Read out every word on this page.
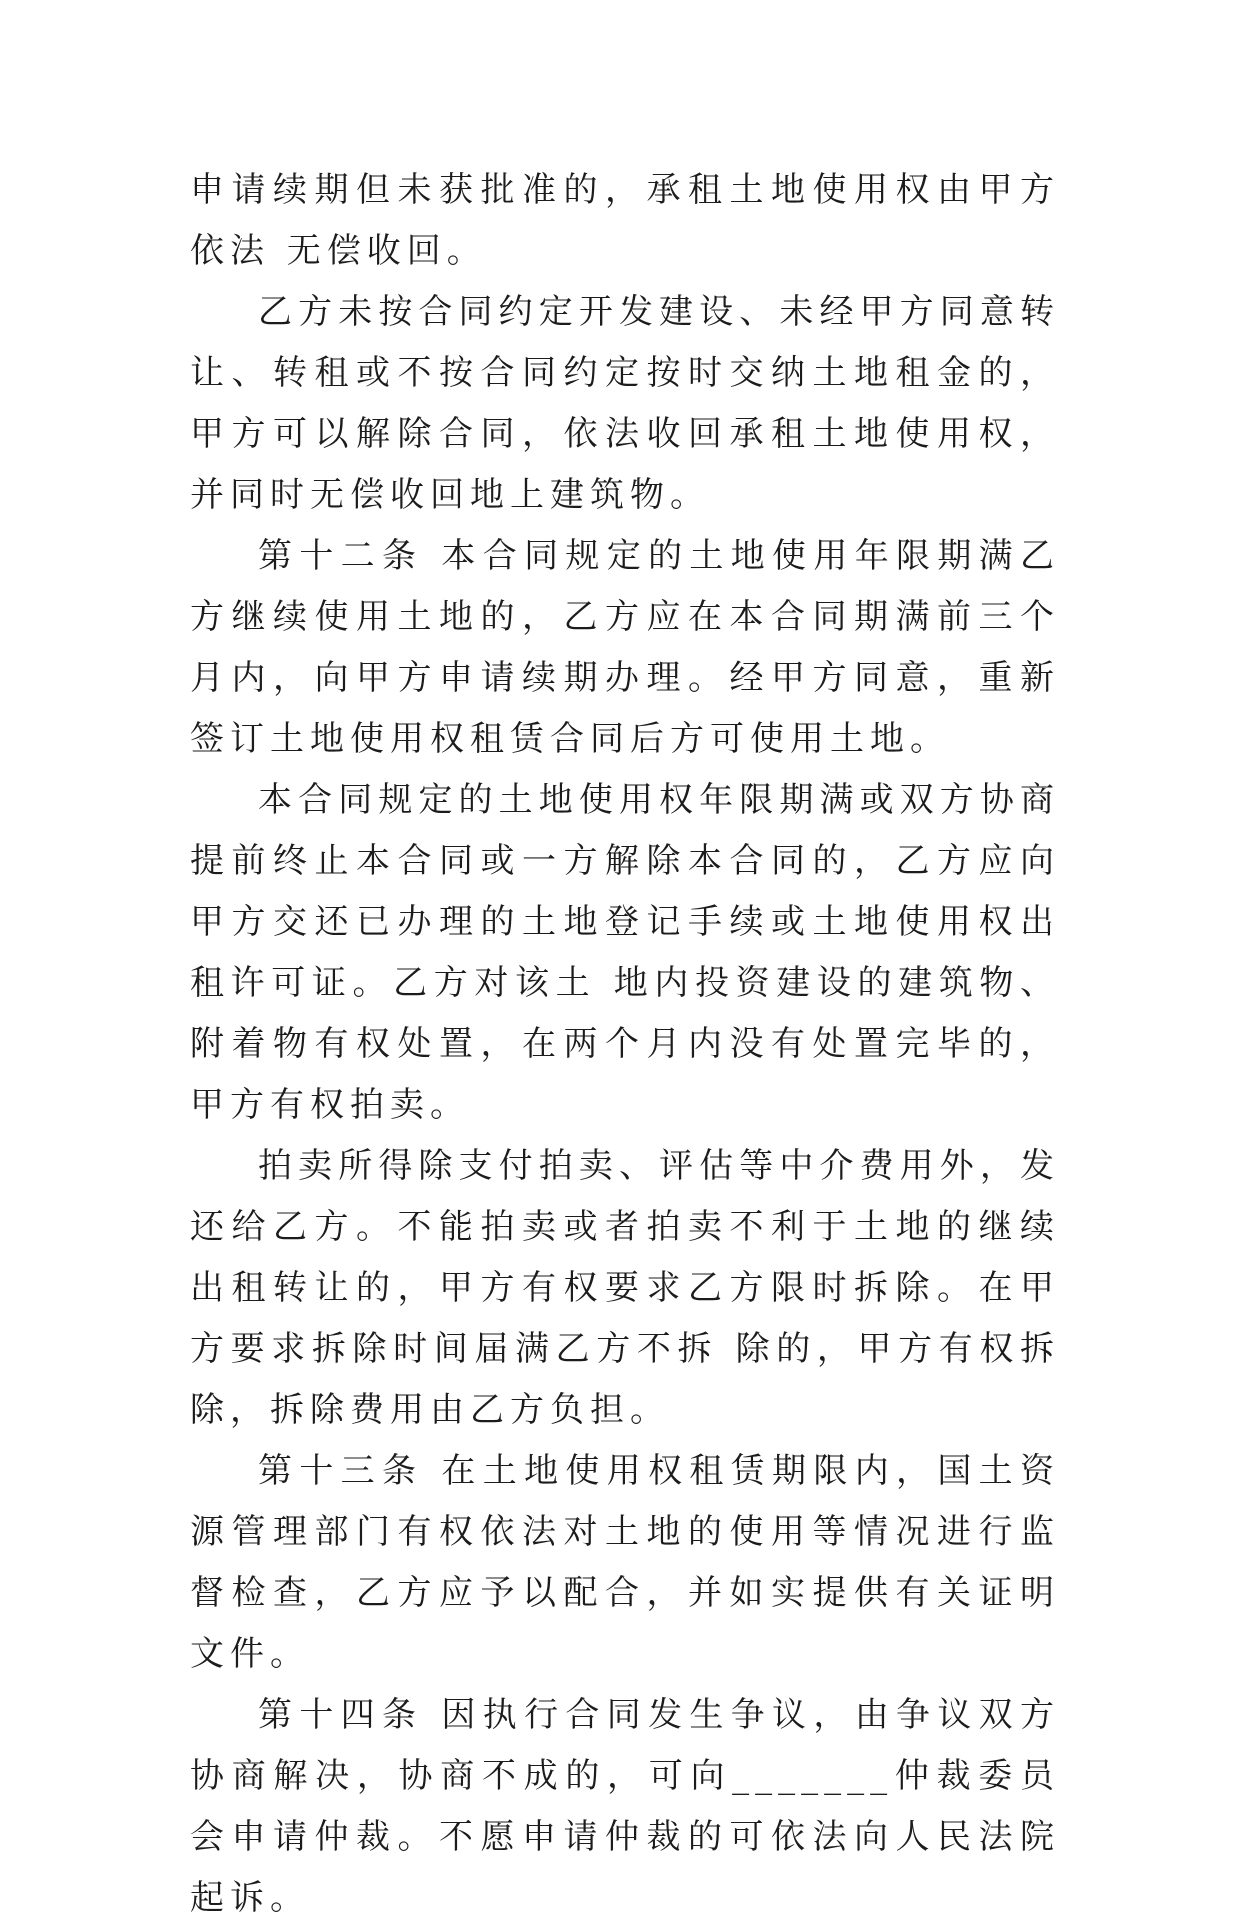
申请续期但未获批准的，承租土地使用权由甲方依法 无偿收回。

乙方未按合同约定开发建设、未经甲方同意转让、转租或不按合同约定按时交纳土地租金的，甲方可以解除合同，依法收回承租土地使用权，并同时无偿收回地上建筑物。

第十二条 本合同规定的土地使用年限期满乙方继续使用土地的，乙方应在本合同期满前三个月内，向甲方申请续期办理。经甲方同意，重新签订土地使用权租赁合同后方可使用土地。

本合同规定的土地使用权年限期满或双方协商提前终止本合同或一方解除本合同的，乙方应向甲方交还已办理的土地登记手续或土地使用权出租许可证。乙方对该土 地内投资建设的建筑物、附着物有权处置，在两个月内没有处置完毕的，甲方有权拍卖。

拍卖所得除支付拍卖、评估等中介费用外，发还给乙方。不能拍卖或者拍卖不利于土地的继续出租转让的，甲方有权要求乙方限时拆除。在甲方要求拆除时间届满乙方不拆 除的，甲方有权拆除，拆除费用由乙方负担。

第十三条 在土地使用权租赁期限内，国土资源管理部门有权依法对土地的使用等情况进行监督检查，乙方应予以配合，并如实提供有关证明文件。

第十四条 因执行合同发生争议，由争议双方协商解决，协商不成的，可向_______仲裁委员会申请仲裁。不愿申请仲裁的可依法向人民法院起诉。
